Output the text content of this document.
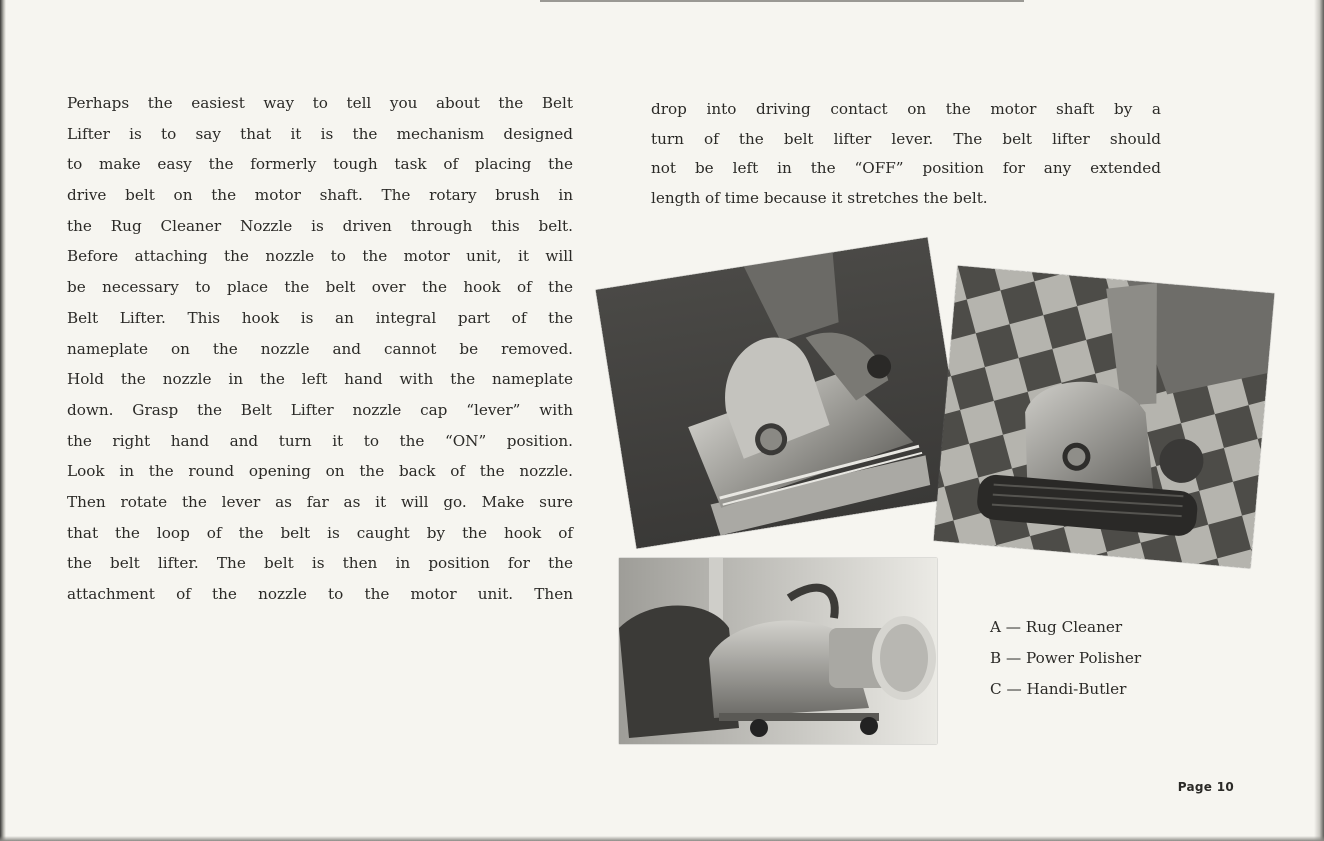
Perhaps the easiest way to tell you about the Belt
Lifter is to say that it is the mechanism designed
to make easy the formerly tough task of placing the
drive belt on the motor shaft. The rotary brush in
the Rug Cleaner Nozzle is driven through this belt.
Before attaching the nozzle to the motor unit, it will
be necessary to place the belt over the hook of the
Belt Lifter. This hook is an integral part of the
nameplate on the nozzle and cannot be removed.
Hold the nozzle in the left hand with the nameplate
down. Grasp the Belt Lifter nozzle cap “lever” with
the right hand and turn it to the “ON” position.
Look in the round opening on the back of the nozzle.
Then rotate the lever as far as it will go. Make sure
that the loop of the belt is caught by the hook of
the belt lifter. The belt is then in position for the
attachment of the nozzle to the motor unit. Then
drop into driving contact on the motor shaft by a
turn of the belt lifter lever. The belt lifter should
not be left in the “OFF” position for any extended
length of time because it stretches the belt.
A — Rug Cleaner
B — Power Polisher
C — Handi-Butler
Page 10
